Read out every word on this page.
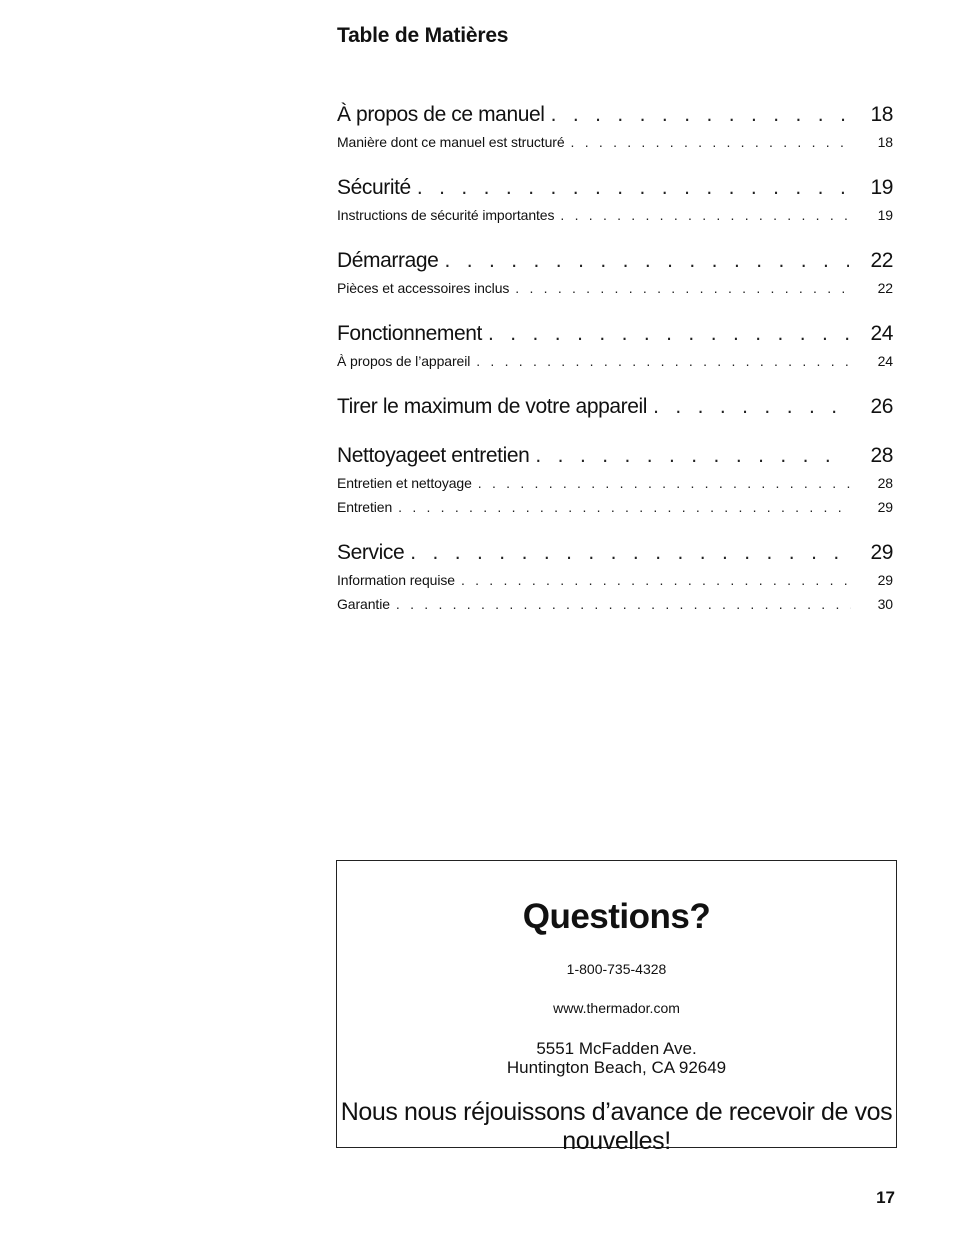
Table de Matières
À propos de ce manuel . . .	18
Manière dont ce manuel est structuré . . .	18
Sécurité . . .	19
Instructions de sécurité importantes . . .	19
Démarrage . . .	22
Pièces et accessoires inclus . . .	22
Fonctionnement . . .	24
À propos de l’appareil . . .	24
Tirer le maximum de votre appareil . . .	26
Nettoyageet entretien . . .	28
Entretien et nettoyage . . .	28
Entretien . . .	29
Service . . .	29
Information requise . . .	29
Garantie . . .	30
Questions?
1-800-735-4328
www.thermador.com
5551 McFadden Ave.
Huntington Beach, CA 92649
Nous nous réjouissons d’avance de recevoir de vos nouvelles!
17
